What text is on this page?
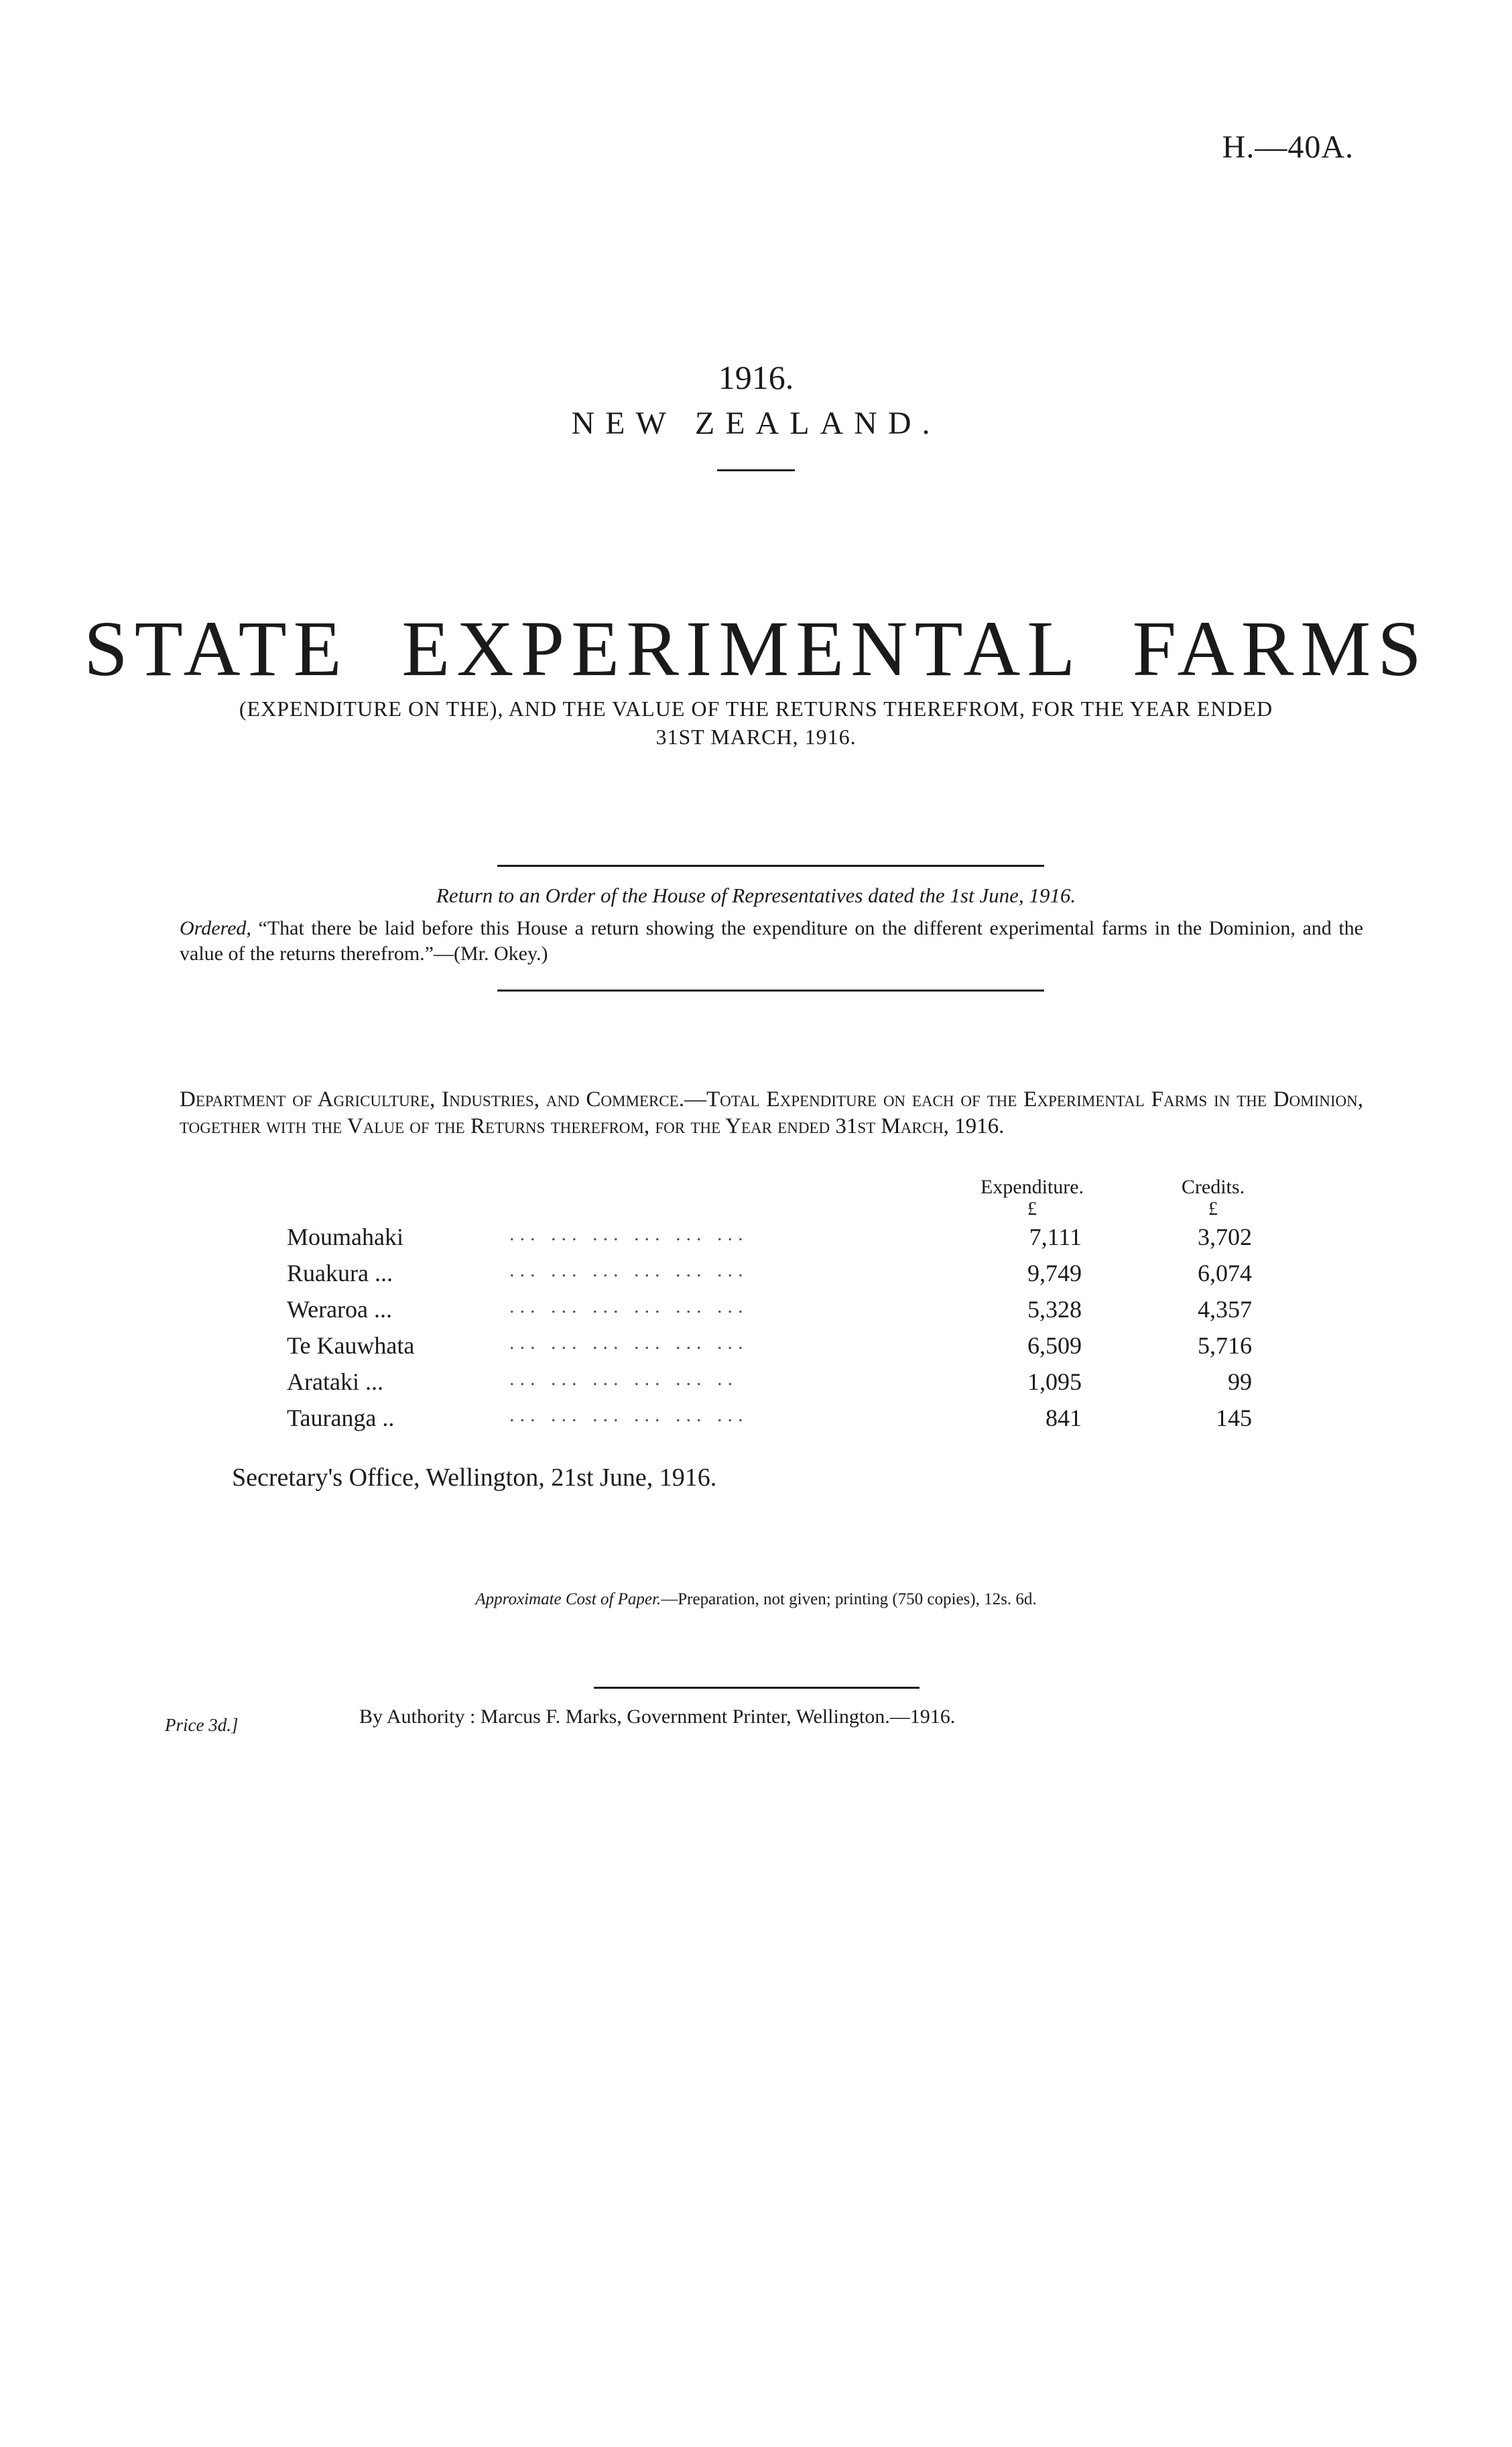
H.—40A.
1916.
NEW ZEALAND.
STATE EXPERIMENTAL FARMS
(EXPENDITURE ON THE), AND THE VALUE OF THE RETURNS THEREFROM, FOR THE YEAR ENDED 31ST MARCH, 1916.
Return to an Order of the House of Representatives dated the 1st June, 1916.
Ordered, “That there be laid before this House a return showing the expenditure on the different experimental farms in the Dominion, and the value of the returns therefrom.”—(Mr. Okey.)
Department of Agriculture, Industries, and Commerce.—Total Expenditure on each of the Experimental Farms in the Dominion, together with the Value of the Returns therefrom, for the Year ended 31st March, 1916.
Expenditure.	Credits.
£	£
Moumahaki	... ... ... ... ... ...	7,111	3,702
Ruakura ...	... ... ... ... ... ...	9,749	6,074
Weraroa ...	... ... ... ... ... ...	5,328	4,357
Te Kauwhata	... ... ... ... ... ...	6,509	5,716
Arataki ...	... ... ... ... ... ..	1,095	99
Tauranga ..	... ... ... ... ... ...	841	145
Secretary's Office, Wellington, 21st June, 1916.
Approximate Cost of Paper.—Preparation, not given; printing (750 copies), 12s. 6d.
By Authority : Marcus F. Marks, Government Printer, Wellington.—1916.
Price 3d.]
